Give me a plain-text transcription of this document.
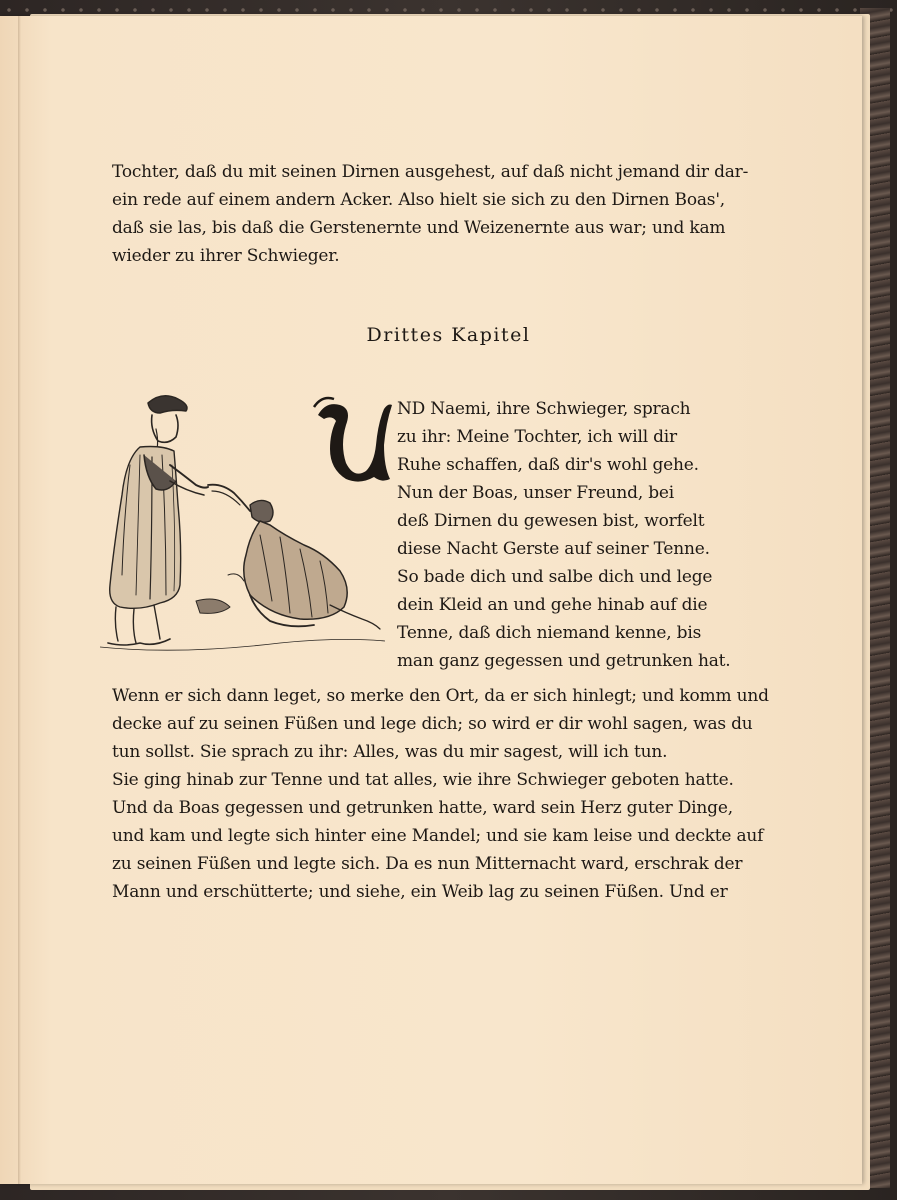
Tochter, daß du mit seinen Dirnen ausgehest, auf daß nicht jemand dir dar-
ein rede auf einem andern Acker. Also hielt sie sich zu den Dirnen Boas',
daß sie las, bis daß die Gerstenernte und Weizenernte aus war; und kam
wieder zu ihrer Schwieger.
Drittes Kapitel
U
ND Naemi, ihre Schwieger, sprach
zu ihr: Meine Tochter, ich will dir
Ruhe schaffen, daß dir's wohl gehe.
Nun der Boas, unser Freund, bei
deß Dirnen du gewesen bist, worfelt
diese Nacht Gerste auf seiner Tenne.
So bade dich und salbe dich und lege
dein Kleid an und gehe hinab auf die
Tenne, daß dich niemand kenne, bis
man ganz gegessen und getrunken hat.
Wenn er sich dann leget, so merke den Ort, da er sich hinlegt; und komm und
decke auf zu seinen Füßen und lege dich; so wird er dir wohl sagen, was du
tun sollst. Sie sprach zu ihr: Alles, was du mir sagest, will ich tun.
Sie ging hinab zur Tenne und tat alles, wie ihre Schwieger geboten hatte.
Und da Boas gegessen und getrunken hatte, ward sein Herz guter Dinge,
und kam und legte sich hinter eine Mandel; und sie kam leise und deckte auf
zu seinen Füßen und legte sich. Da es nun Mitternacht ward, erschrak der
Mann und erschütterte; und siehe, ein Weib lag zu seinen Füßen. Und er
